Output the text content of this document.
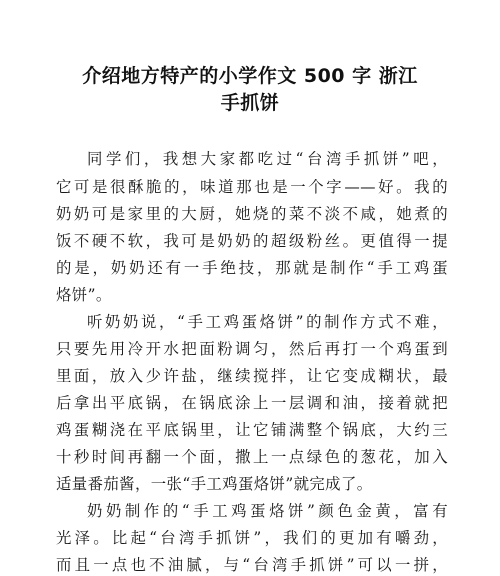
介绍地方特产的小学作文 500 字 浙江
手抓饼
同学们，我想大家都吃过“台湾手抓饼”吧，
它可是很酥脆的，味道那也是一个字——好。我的
奶奶可是家里的大厨，她烧的菜不淡不咸，她煮的
饭不硬不软，我可是奶奶的超级粉丝。更值得一提
的是，奶奶还有一手绝技，那就是制作“手工鸡蛋
烙饼”。
听奶奶说，“手工鸡蛋烙饼”的制作方式不难，
只要先用冷开水把面粉调匀，然后再打一个鸡蛋到
里面，放入少许盐，继续搅拌，让它变成糊状，最
后拿出平底锅，在锅底涂上一层调和油，接着就把
鸡蛋糊浇在平底锅里，让它铺满整个锅底，大约三
十秒时间再翻一个面，撒上一点绿色的葱花，加入
适量番茄酱，一张“手工鸡蛋烙饼”就完成了。
奶奶制作的“手工鸡蛋烙饼”颜色金黄，富有
光泽。比起“台湾手抓饼”，我们的更加有嚼劲，
而且一点也不油腻，与“台湾手抓饼”可以一拼，
